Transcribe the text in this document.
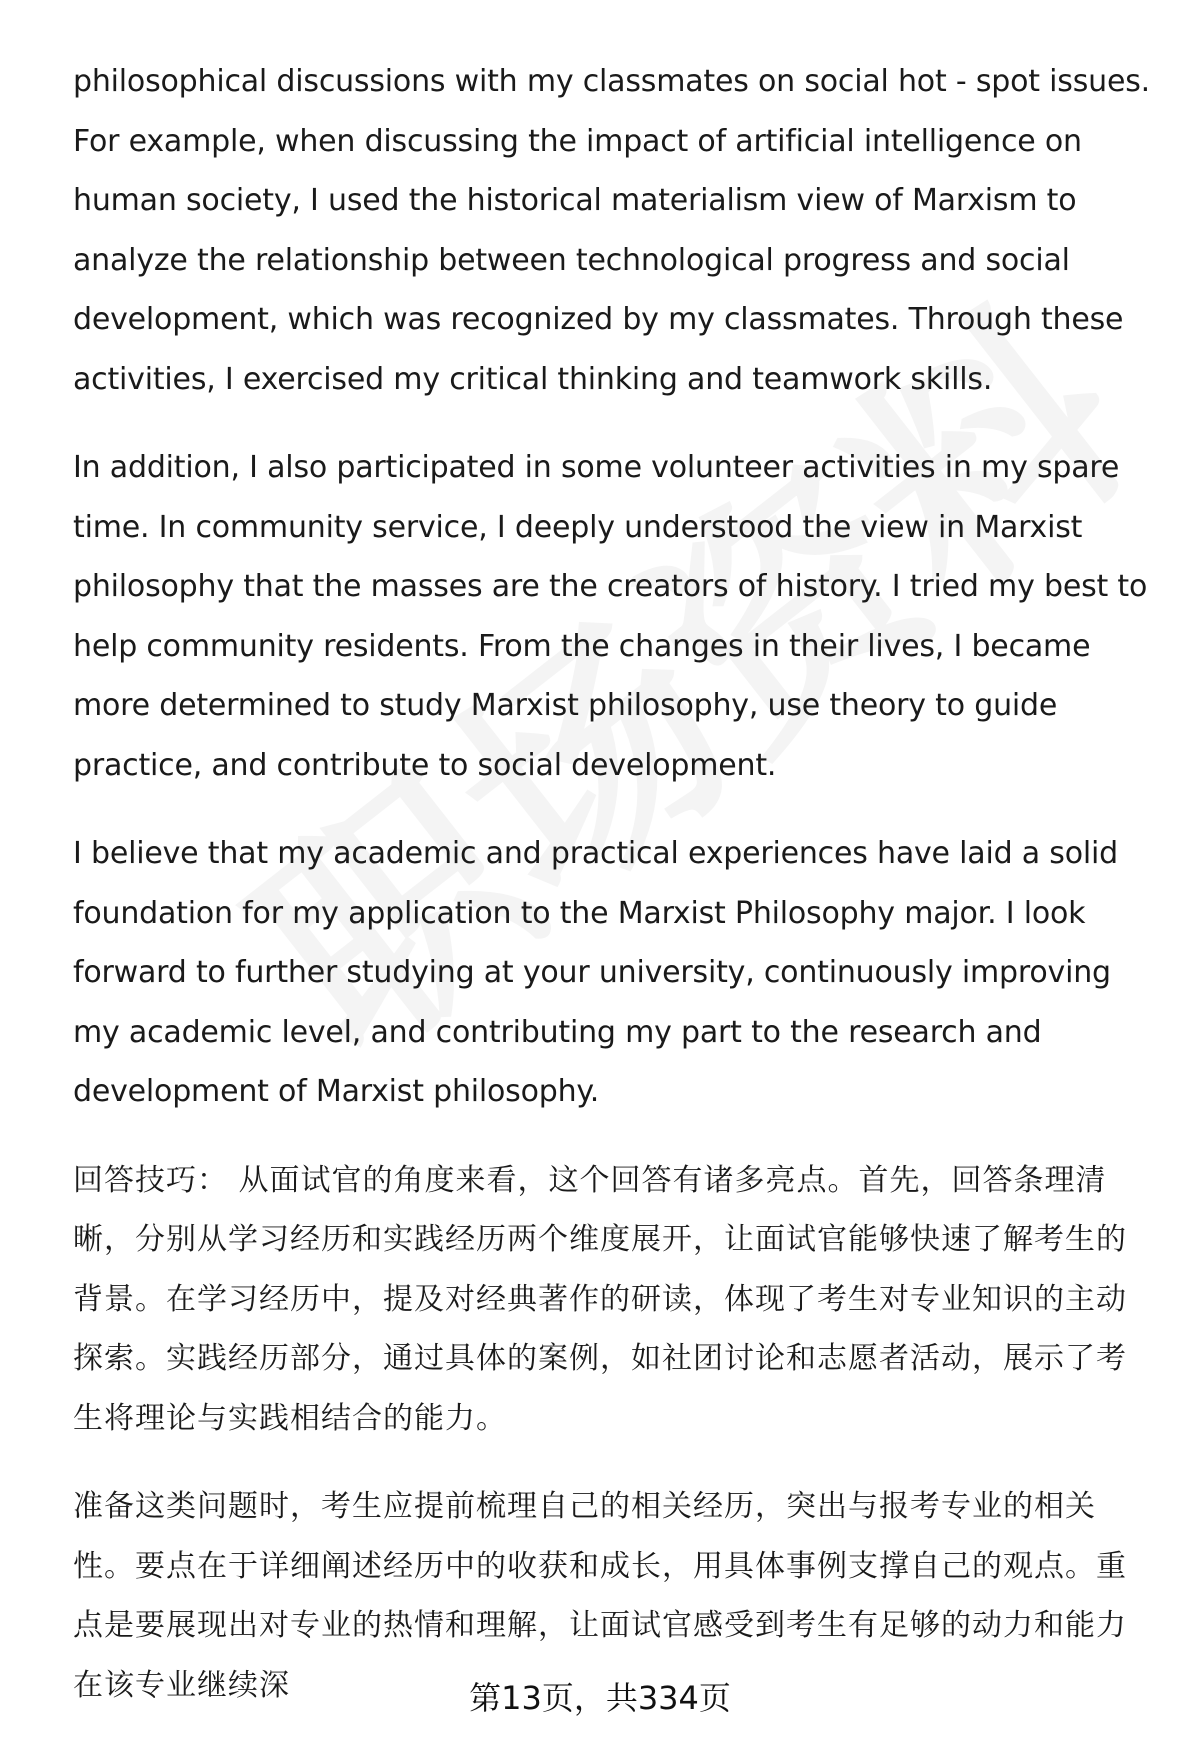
philosophical discussions with my classmates on social hot - spot issues. For example, when discussing the impact of artificial intelligence on human society, I used the historical materialism view of Marxism to analyze the relationship between technological progress and social development, which was recognized by my classmates. Through these activities, I exercised my critical thinking and teamwork skills.

In addition, I also participated in some volunteer activities in my spare time. In community service, I deeply understood the view in Marxist philosophy that the masses are the creators of history. I tried my best to help community residents. From the changes in their lives, I became more determined to study Marxist philosophy, use theory to guide practice, and contribute to social development.

I believe that my academic and practical experiences have laid a solid foundation for my application to the Marxist Philosophy major. I look forward to further studying at your university, continuously improving my academic level, and contributing my part to the research and development of Marxist philosophy.

回答技巧： 从面试官的角度来看，这个回答有诸多亮点。首先，回答条理清晰，分别从学习经历和实践经历两个维度展开，让面试官能够快速了解考生的背景。在学习经历中，提及对经典著作的研读，体现了考生对专业知识的主动探索。实践经历部分，通过具体的案例，如社团讨论和志愿者活动，展示了考生将理论与实践相结合的能力。

准备这类问题时，考生应提前梳理自己的相关经历，突出与报考专业的相关性。要点在于详细阐述经历中的收获和成长，用具体事例支撑自己的观点。重点是要展现出对专业的热情和理解，让面试官感受到考生有足够的动力和能力在该专业继续深	第13页，共334页
